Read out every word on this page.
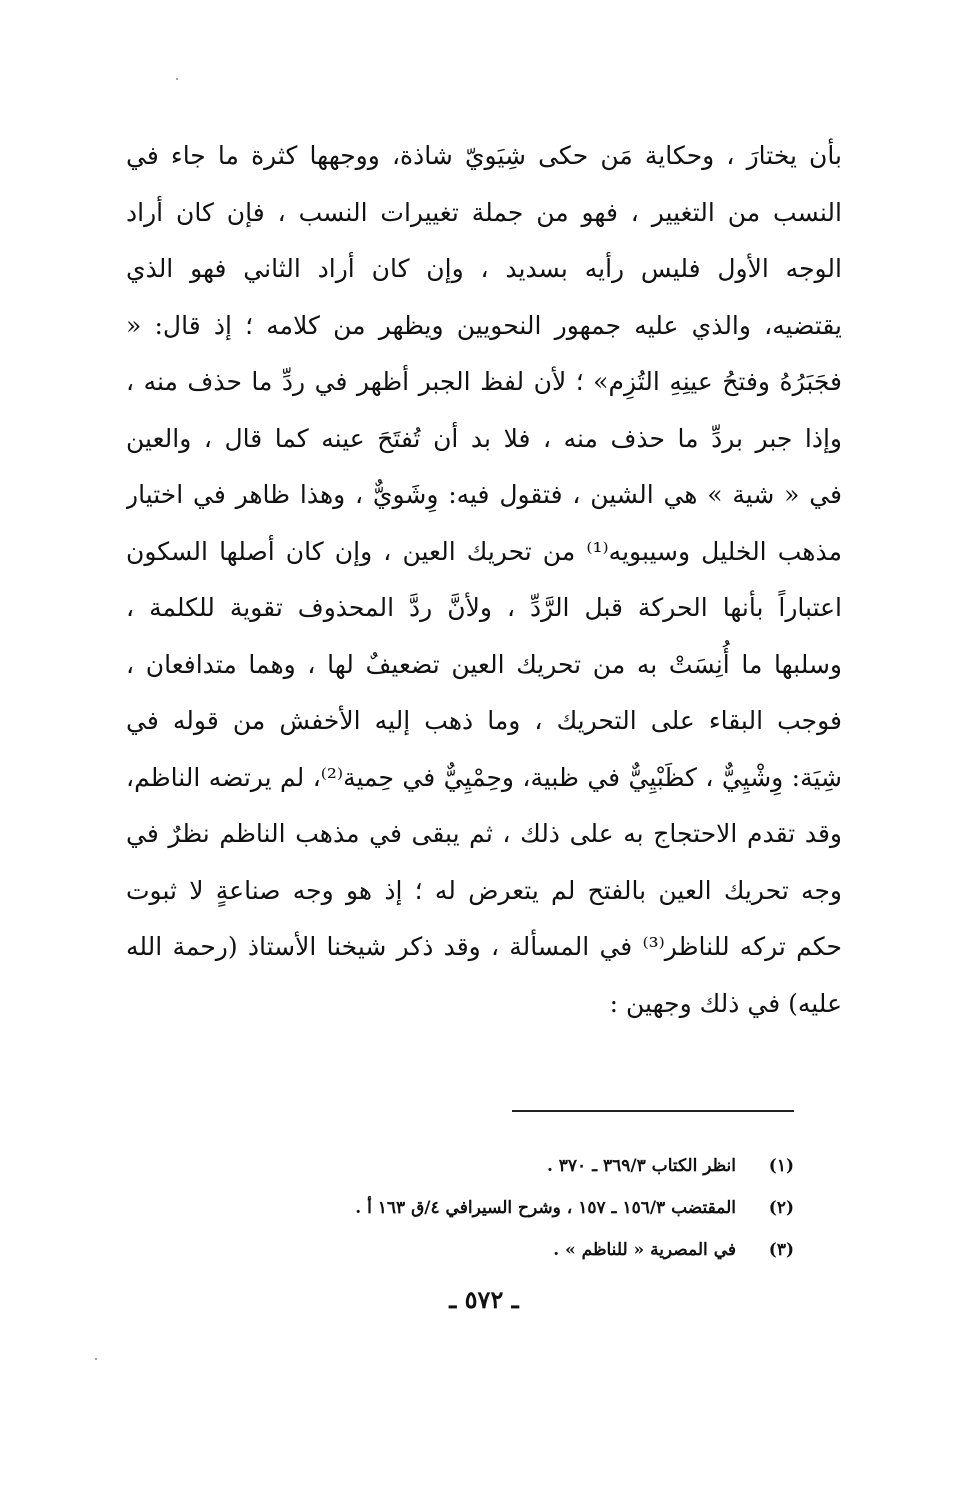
بأن يختارَ ، وحكاية مَن حكى شِيَويّ شاذة، ووجهها كثرة ما جاء في
النسب من التغيير ، فهو من جملة تغييرات النسب ، فإن كان أراد
الوجه الأول فليس رأيه بسديد ، وإن كان أراد الثاني فهو الذي
يقتضيه، والذي عليه جمهور النحويين ويظهر من كلامه ؛ إذ قال: «
فجَبَرُهُ وفتحُ عينِهِ التُزِم» ؛ لأن لفظ الجبر أظهر في ردِّ ما حذف منه ،
وإذا جبر بردِّ ما حذف منه ، فلا بد أن تُفتَحَ عينه كما قال ، والعين
في « شية » هي الشين ، فتقول فيه: وِشَويٌّ ، وهذا ظاهر في اختيار
مذهب الخليل وسيبويه⁽¹⁾ من تحريك العين ، وإن كان أصلها السكون
اعتباراً بأنها الحركة قبل الرَّدِّ ، ولأنَّ ردَّ المحذوف تقوية للكلمة ،
وسلبها ما أُنِسَتْ به من تحريك العين تضعيفٌ لها ، وهما متدافعان ،
فوجب البقاء على التحريك ، وما ذهب إليه الأخفش من قوله في
شِيَة: وِشْيِيٌّ ، كظَبْيِيٌّ في ظبية، وحِمْيِيٌّ في حِمية⁽²⁾، لم يرتضه الناظم،
وقد تقدم الاحتجاج به على ذلك ، ثم يبقى في مذهب الناظم نظرٌ في
وجه تحريك العين بالفتح لم يتعرض له ؛ إذ هو وجه صناعةٍ لا ثبوت
حكم تركه للناظر⁽³⁾ في المسألة ، وقد ذكر شيخنا الأستاذ (رحمة الله
عليه) في ذلك وجهين :
(١)
انظر الكتاب ٣٦٩/٣ ـ ٣٧٠ .
(٢)
المقتضب ١٥٦/٣ ـ ١٥٧ ، وشرح السيرافي ٤/ق ١٦٣ أ .
(٣)
في المصرية « للناظم » .
ـ ٥٧٢ ـ
